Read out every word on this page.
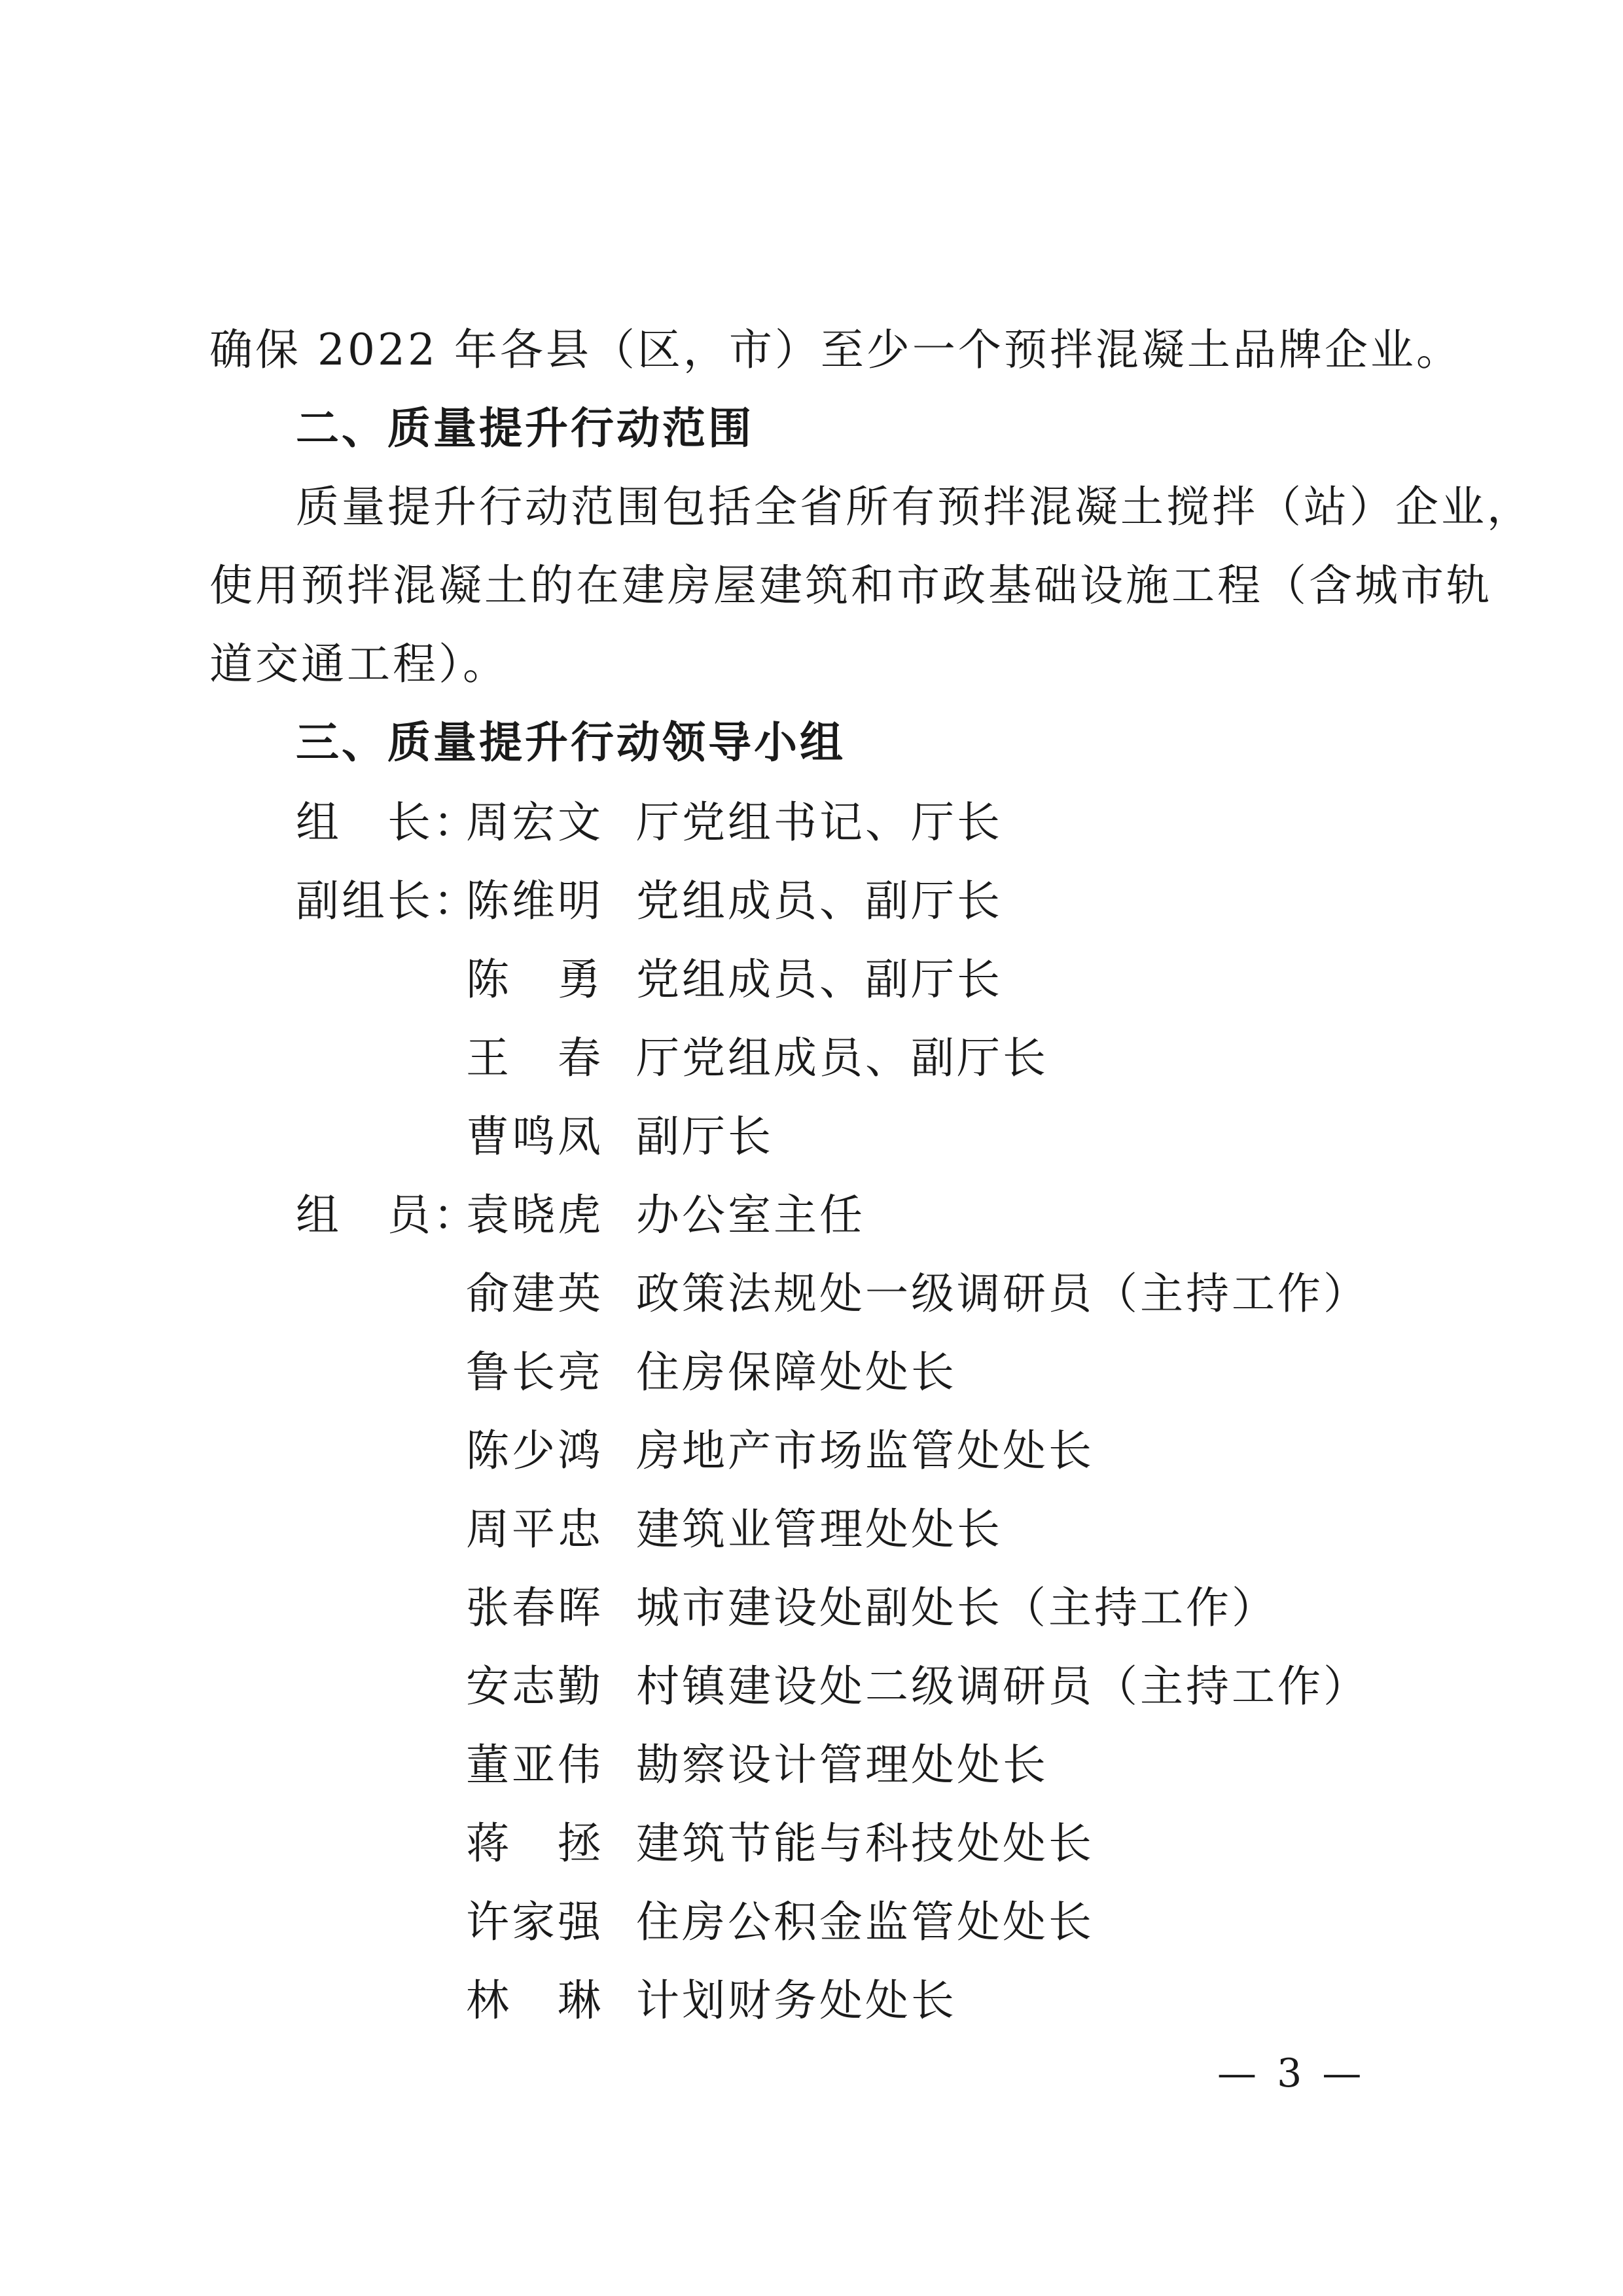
确保 2022 年各县（区，市）至少一个预拌混凝土品牌企业。
二、质量提升行动范围
质量提升行动范围包括全省所有预拌混凝土搅拌（站）企业，
使用预拌混凝土的在建房屋建筑和市政基础设施工程（含城市轨
道交通工程）。
三、质量提升行动领导小组
组　长：
周宏文 厅党组书记、厅长
副组长：
陈维明 党组成员、副厅长
陈　勇 党组成员、副厅长
王　春 厅党组成员、副厅长
曹鸣凤 副厅长
组　员：
袁晓虎 办公室主任
俞建英 政策法规处一级调研员（主持工作）
鲁长亮 住房保障处处长
陈少鸿 房地产市场监管处处长
周平忠 建筑业管理处处长
张春晖 城市建设处副处长（主持工作）
安志勤 村镇建设处二级调研员（主持工作）
董亚伟 勘察设计管理处处长
蒋　拯 建筑节能与科技处处长
许家强 住房公积金监管处处长
林　琳 计划财务处处长
— 3 —
